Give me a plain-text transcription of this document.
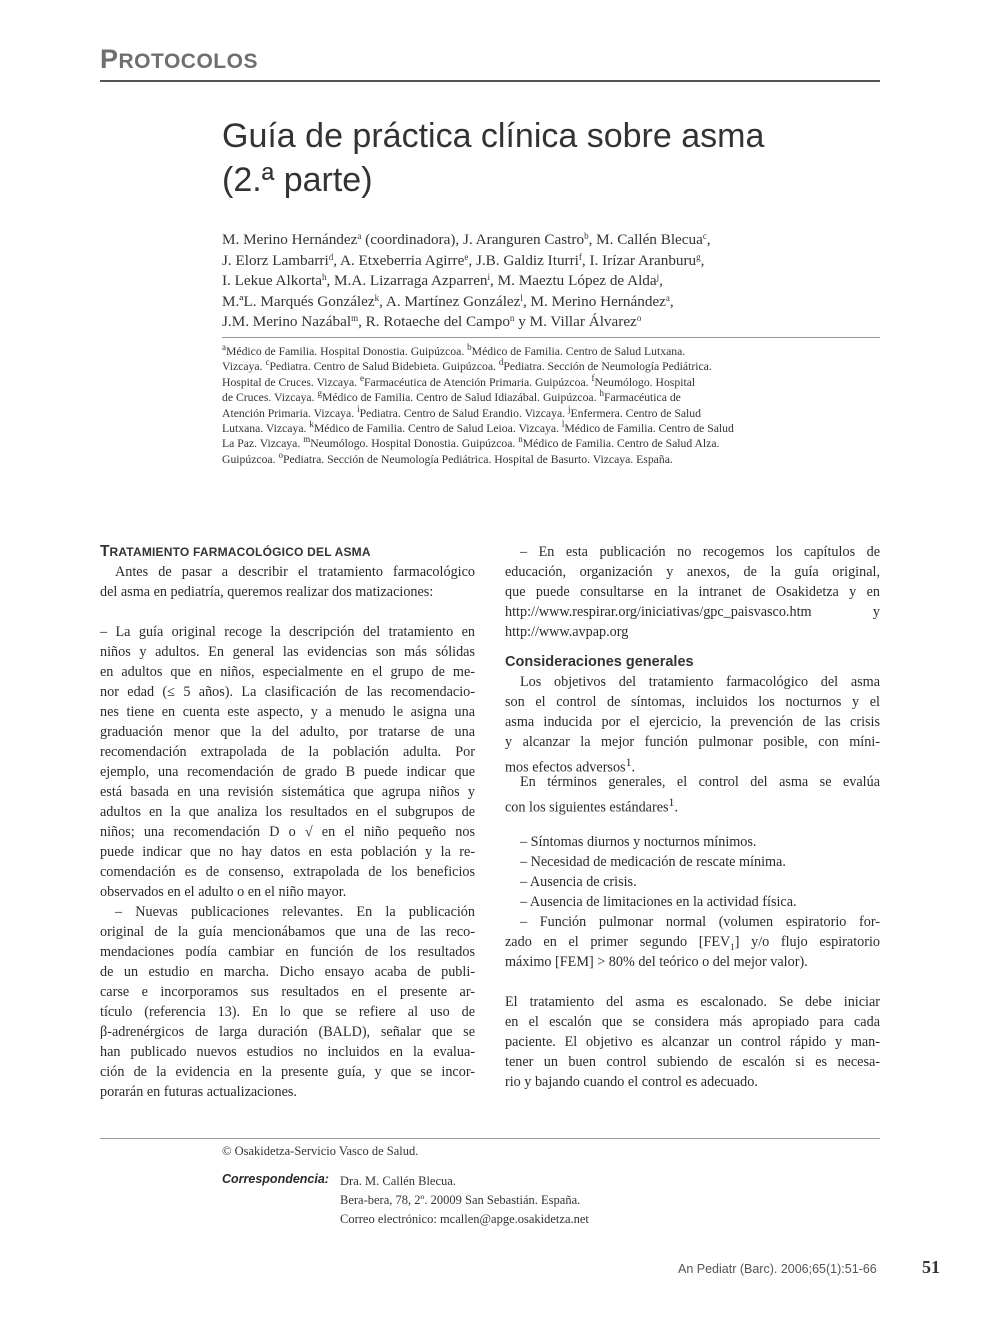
PROTOCOLOS
Guía de práctica clínica sobre asma
(2.ª parte)
M. Merino Hernández$^a$ (coordinadora), J. Aranguren Castro$^b$, M. Callén Blecua$^c$,
J. Elorz Lambarri$^d$, A. Etxeberria Agirre$^e$, J.B. Galdiz Iturri$^f$, I. Irízar Aranburu$^g$,
I. Lekue Alkorta$^h$, M.A. Lizarraga Azparren$^i$, M. Maeztu López de Alda$^j$,
M.ªL. Marqués González$^k$, A. Martínez González$^l$, M. Merino Hernández$^a$,
J.M. Merino Nazábal$^m$, R. Rotaeche del Campo$^n$ y M. Villar Álvarez$^o$
$^a$Médico de Familia. Hospital Donostia. Guipúzcoa. $^b$Médico de Familia. Centro de Salud Lutxana.
Vizcaya. $^c$Pediatra. Centro de Salud Bidebieta. Guipúzcoa. $^d$Pediatra. Sección de Neumología Pediátrica.
Hospital de Cruces. Vizcaya. $^e$Farmacéutica de Atención Primaria. Guipúzcoa. $^f$Neumólogo. Hospital
de Cruces. Vizcaya. $^g$Médico de Familia. Centro de Salud Idiazábal. Guipúzcoa. $^h$Farmacéutica de
Atención Primaria. Vizcaya. $^i$Pediatra. Centro de Salud Erandio. Vizcaya. $^j$Enfermera. Centro de Salud
Lutxana. Vizcaya. $^k$Médico de Familia. Centro de Salud Leioa. Vizcaya. $^l$Médico de Familia. Centro de Salud
La Paz. Vizcaya. $^m$Neumólogo. Hospital Donostia. Guipúzcoa. $^n$Médico de Familia. Centro de Salud Alza.
Guipúzcoa. $^o$Pediatra. Sección de Neumología Pediátrica. Hospital de Basurto. Vizcaya. España.
TRATAMIENTO FARMACOLÓGICO DEL ASMA
Antes de pasar a describir el tratamiento farmacológico
del asma en pediatría, queremos realizar dos matizaciones:
– La guía original recoge la descripción del tratamiento en
niños y adultos. En general las evidencias son más sólidas
en adultos que en niños, especialmente en el grupo de me-
nor edad (≤ 5 años). La clasificación de las recomendacio-
nes tiene en cuenta este aspecto, y a menudo le asigna una
graduación menor que la del adulto, por tratarse de una
recomendación extrapolada de la población adulta. Por
ejemplo, una recomendación de grado B puede indicar que
está basada en una revisión sistemática que agrupa niños y
adultos en la que analiza los resultados en el subgrupos de
niños; una recomendación D o √ en el niño pequeño nos
puede indicar que no hay datos en esta población y la re-
comendación es de consenso, extrapolada de los beneficios
observados en el adulto o en el niño mayor.
– Nuevas publicaciones relevantes. En la publicación
original de la guía mencionábamos que una de las reco-
mendaciones podía cambiar en función de los resultados
de un estudio en marcha. Dicho ensayo acaba de publi-
carse e incorporamos sus resultados en el presente ar-
tículo (referencia 13). En lo que se refiere al uso de
β-adrenérgicos de larga duración (BALD), señalar que se
han publicado nuevos estudios no incluidos en la evalua-
ción de la evidencia en la presente guía, y que se incor-
porarán en futuras actualizaciones.
– En esta publicación no recogemos los capítulos de
educación, organización y anexos, de la guía original,
que puede consultarse en la intranet de Osakidetza y en
http://www.respirar.org/iniciativas/gpc_paisvasco.htm y
http://www.avpap.org
Consideraciones generales
Los objetivos del tratamiento farmacológico del asma
son el control de síntomas, incluidos los nocturnos y el
asma inducida por el ejercicio, la prevención de las crisis
y alcanzar la mejor función pulmonar posible, con míni-
mos efectos adversos$^1$.
En términos generales, el control del asma se evalúa
con los siguientes estándares$^1$.
– Síntomas diurnos y nocturnos mínimos.
– Necesidad de medicación de rescate mínima.
– Ausencia de crisis.
– Ausencia de limitaciones en la actividad física.
– Función pulmonar normal (volumen espiratorio for-
zado en el primer segundo $[FEV_1]$ y/o flujo espiratorio
máximo [FEM] > 80% del teórico o del mejor valor).
El tratamiento del asma es escalonado. Se debe iniciar
en el escalón que se considera más apropiado para cada
paciente. El objetivo es alcanzar un control rápido y man-
tener un buen control subiendo de escalón si es necesa-
rio y bajando cuando el control es adecuado.
© Osakidetza-Servicio Vasco de Salud.
Correspondencia: Dra. M. Callén Blecua.
Bera-bera, 78, 2º. 20009 San Sebastián. España.
Correo electrónico: mcallen@apge.osakidetza.net
An Pediatr (Barc). 2006;65(1):51-66	51
